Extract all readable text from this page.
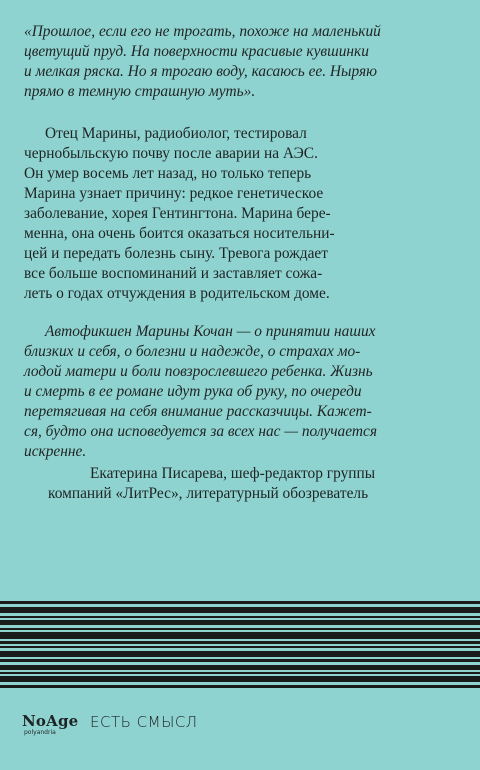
«Прошлое, если его не трогать, похоже на маленький
цветущий пруд. На поверхности красивые кувшинки
и мелкая ряска. Но я трогаю воду, касаюсь ее. Ныряю
прямо в темную страшную муть».
Отец Марины, радиобиолог, тестировал
чернобыльскую почву после аварии на АЭС.
Он умер восемь лет назад, но только теперь
Марина узнает причину: редкое генетическое
заболевание, хорея Гентингтона. Марина бере-
менна, она очень боится оказаться носительни-
цей и передать болезнь сыну. Тревога рождает
все больше воспоминаний и заставляет сожа-
леть о годах отчуждения в родительском доме.
Автофикшен Марины Кочан — о принятии наших
близких и себя, о болезни и надежде, о страхах мо-
лодой матери и боли повзрослевшего ребенка. Жизнь
и смерть в ее романе идут рука об руку, по очереди
перетягивая на себя внимание рассказчицы. Кажет-
ся, будто она исповедуется за всех нас — получается
искренне.
Екатерина Писарева, шеф-редактор группы
компаний «ЛитРес», литературный обозреватель
NoAge
polyandria
ЕСТЬ СМЫСЛ
